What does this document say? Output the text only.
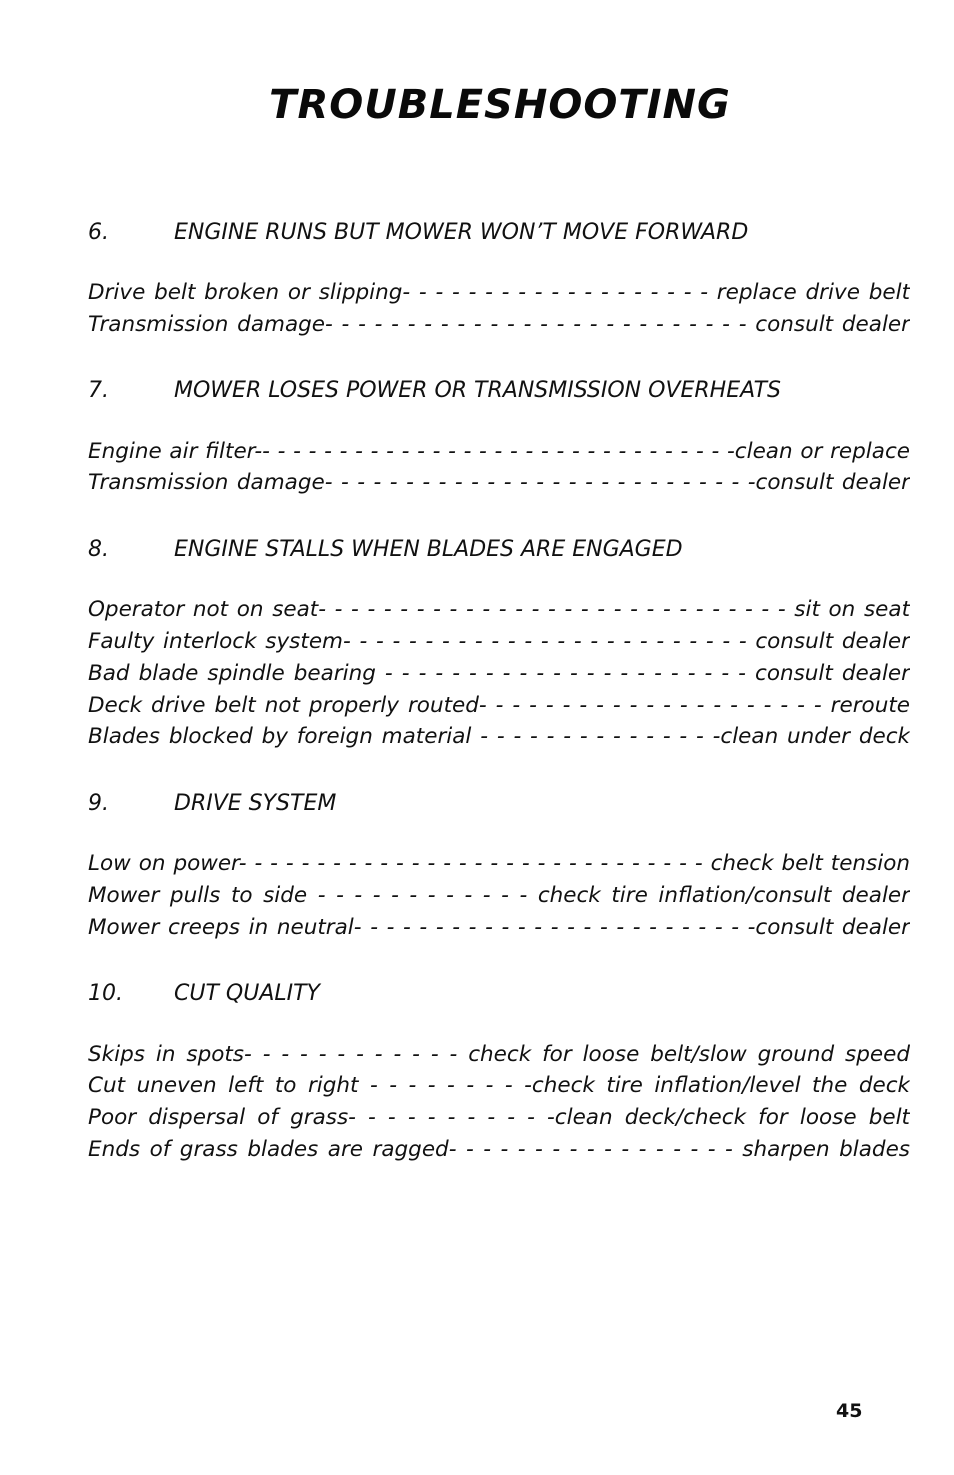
TROUBLESHOOTING
6.	ENGINE RUNS BUT MOWER WON’T MOVE FORWARD
Drive belt broken or slipping- - - - - - - - - - - - - - - - - - - replace drive belt
Transmission damage- - - - - - - - - - - - - - - - - - - - - - - - - - consult dealer
7.	MOWER LOSES POWER OR TRANSMISSION OVERHEATS
Engine air filter-- - - - - - - - - - - - - - - - - - - - - - - - - - - - - - -clean or replace
Transmission damage- - - - - - - - - - - - - - - - - - - - - - - - - - -consult dealer
8.	ENGINE STALLS WHEN BLADES ARE ENGAGED
Operator not on seat- - - - - - - - - - - - - - - - - - - - - - - - - - - - - sit on seat
Faulty interlock system- - - - - - - - - - - - - - - - - - - - - - - - - consult dealer
Bad blade spindle bearing - - - - - - - - - - - - - - - - - - - - - - consult dealer
Deck drive belt not properly routed- - - - - - - - - - - - - - - - - - - - - reroute
Blades blocked by foreign material - - - - - - - - - - - - - - -clean under deck
9.	DRIVE SYSTEM
Low on power- - - - - - - - - - - - - - - - - - - - - - - - - - - - - - check belt tension
Mower pulls to side - - - - - - - - - - - - check tire inflation/consult dealer
Mower creeps in neutral- - - - - - - - - - - - - - - - - - - - - - - - -consult dealer
10.	CUT QUALITY
Skips in spots- - - - - - - - - - - - check for loose belt/slow ground speed
Cut uneven left to right - - - - - - - - -check tire inflation/level the deck
Poor dispersal of grass- - - - - - - - - - -clean deck/check for loose belt
Ends of grass blades are ragged- - - - - - - - - - - - - - - - - sharpen blades
45
